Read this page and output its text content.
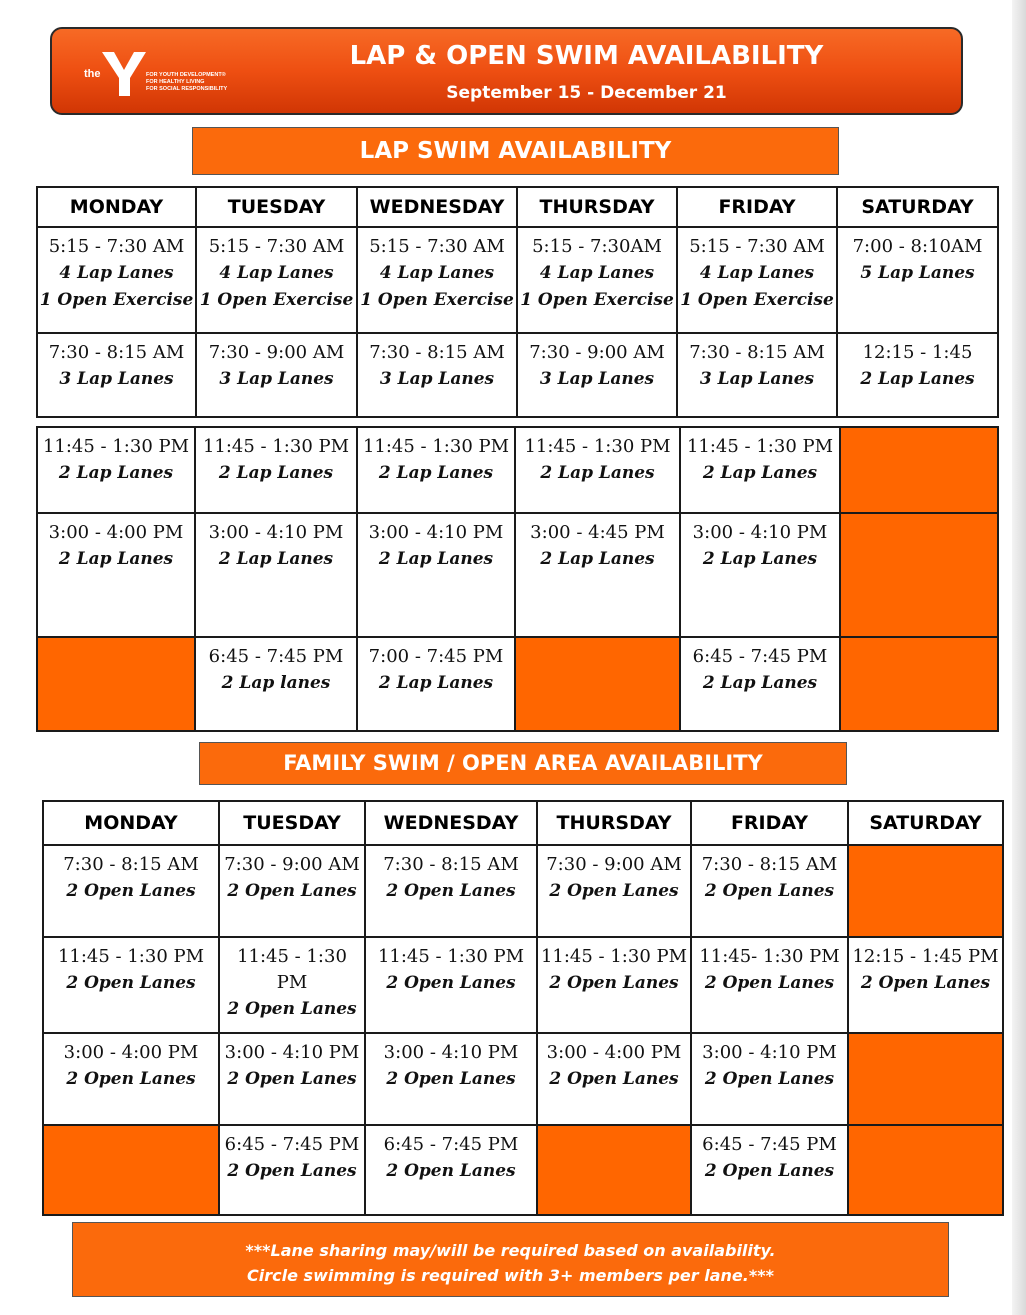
the	FOR YOUTH DEVELOPMENT®
FOR HEALTHY LIVING
FOR SOCIAL RESPONSIBILITY
LAP & OPEN SWIM AVAILABILITY
September 15 - December 21
LAP SWIM AVAILABILITY
MONDAY	TUESDAY	WEDNESDAY	THURSDAY	FRIDAY	SATURDAY

5:15 - 7:30 AM
4 Lap Lanes
1 Open Exercise	5:15 - 7:30 AM
4 Lap Lanes
1 Open Exercise	5:15 - 7:30 AM
4 Lap Lanes
1 Open Exercise	5:15 - 7:30AM
4 Lap Lanes
1 Open Exercise	5:15 - 7:30 AM
4 Lap Lanes
1 Open Exercise	7:00 - 8:10AM
5 Lap Lanes

7:30 - 8:15 AM
3 Lap Lanes	7:30 - 9:00 AM
3 Lap Lanes	7:30 - 8:15 AM
3 Lap Lanes	7:30 - 9:00 AM
3 Lap Lanes	7:30 - 8:15 AM
3 Lap Lanes	12:15 - 1:45
2 Lap Lanes
11:45 - 1:30 PM
2 Lap Lanes	11:45 - 1:30 PM
2 Lap Lanes	11:45 - 1:30 PM
2 Lap Lanes	11:45 - 1:30 PM
2 Lap Lanes	11:45 - 1:30 PM
2 Lap Lanes	

3:00 - 4:00 PM
2 Lap Lanes	3:00 - 4:10 PM
2 Lap Lanes	3:00 - 4:10 PM
2 Lap Lanes	3:00 - 4:45 PM
2 Lap Lanes	3:00 - 4:10 PM
2 Lap Lanes	

	6:45 - 7:45 PM
2 Lap lanes	7:00 - 7:45 PM
2 Lap Lanes		6:45 - 7:45 PM
2 Lap Lanes	

FAMILY SWIM / OPEN AREA AVAILABILITY
MONDAY	TUESDAY	WEDNESDAY	THURSDAY	FRIDAY	SATURDAY

7:30 - 8:15 AM
2 Open Lanes	7:30 - 9:00 AM
2 Open Lanes	7:30 - 8:15 AM
2 Open Lanes	7:30 - 9:00 AM
2 Open Lanes	7:30 - 8:15 AM
2 Open Lanes	

11:45 - 1:30 PM
2 Open Lanes	11:45 - 1:30 PM
2 Open Lanes	11:45 - 1:30 PM
2 Open Lanes	11:45 - 1:30 PM
2 Open Lanes	11:45- 1:30 PM
2 Open Lanes	12:15 - 1:45 PM
2 Open Lanes

3:00 - 4:00 PM
2 Open Lanes	3:00 - 4:10 PM
2 Open Lanes	3:00 - 4:10 PM
2 Open Lanes	3:00 - 4:00 PM
2 Open Lanes	3:00 - 4:10 PM
2 Open Lanes	

	6:45 - 7:45 PM
2 Open Lanes	6:45 - 7:45 PM
2 Open Lanes		6:45 - 7:45 PM
2 Open Lanes	

***Lane sharing may/will be required based on availability.
Circle swimming is required with 3+ members per lane.***
